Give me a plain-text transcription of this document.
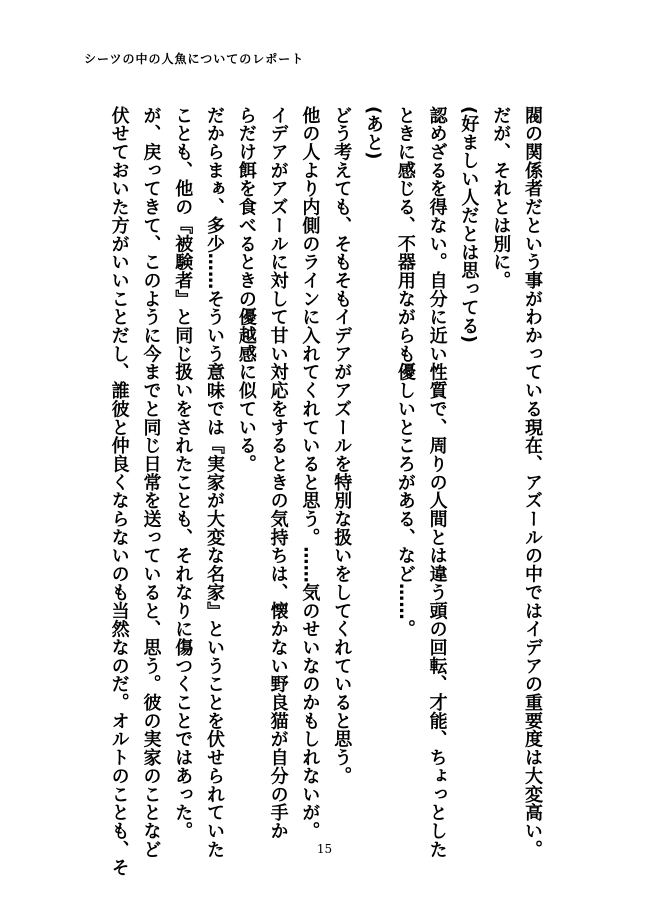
シーツの中の人魚についてのレポート
閥の関係者だという事がわかっている現在、アズールの中ではイデアの重要度は大変高い。
だが、それとは別に。
(好ましい人だとは思ってる)
認めざるを得ない。自分に近い性質で、周りの人間とは違う頭の回転、才能、ちょっとした
ときに感じる、不器用ながらも優しいところがある、など……。
(あと)
どう考えても、そもそもイデアがアズールを特別な扱いをしてくれていると思う。
他の人より内側のラインに入れてくれていると思う。……気のせいなのかもしれないが。
イデアがアズールに対して甘い対応をするときの気持ちは、懐かない野良猫が自分の手か
らだけ餌を食べるときの優越感に似ている。
だからまぁ、多少……そういう意味では『実家が大変な名家』ということを伏せられていた
ことも、他の『被験者』と同じ扱いをされたことも、それなりに傷つくことではあった。
が、戻ってきて、このように今までと同じ日常を送っていると、思う。彼の実家のことなど
伏せておいた方がいいことだし、誰彼と仲良くならないのも当然なのだ。オルトのことも、そ	15
